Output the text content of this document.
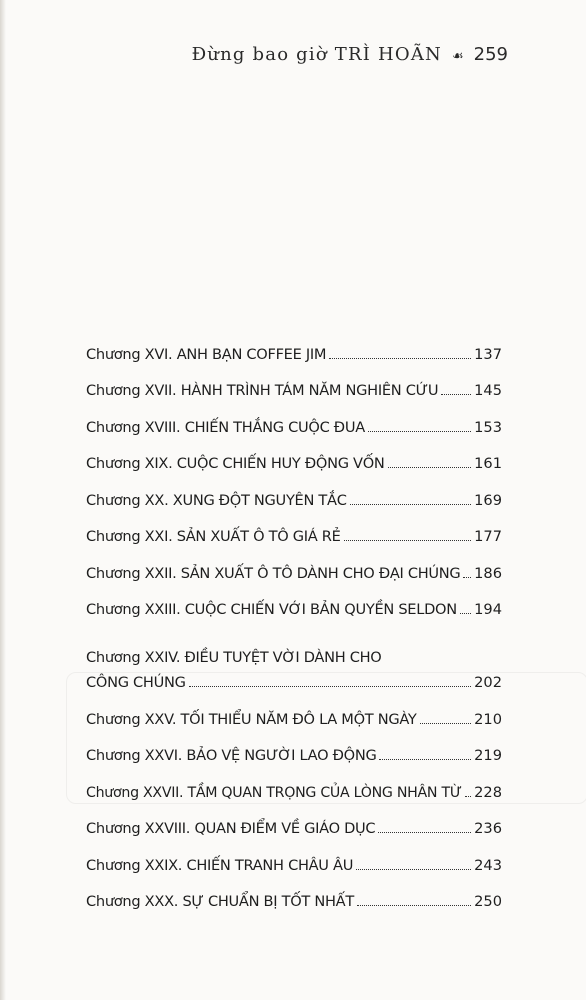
Đừng bao giờ TRÌ HOÃN ☙ 259
Chương XVI. ANH BẠN COFFEE JIM	137
Chương XVII. HÀNH TRÌNH TÁM NĂM NGHIÊN CỨU 145
Chương XVIII. CHIẾN THẮNG CUỘC ĐUA	153
Chương XIX. CUỘC CHIẾN HUY ĐỘNG VỐN	161
Chương XX. XUNG ĐỘT NGUYÊN TẮC	169
Chương XXI. SẢN XUẤT Ô TÔ GIÁ RẺ	177
Chương XXII. SẢN XUẤT Ô TÔ DÀNH CHO ĐẠI CHÚNG 186
Chương XXIII. CUỘC CHIẾN VỚI BẢN QUYỀN SELDON 194
Chương XXIV. ĐIỀU TUYỆT VỜI DÀNH CHO
CÔNG CHÚNG	202
Chương XXV. TỐI THIỂU NĂM ĐÔ LA MỘT NGÀY	210
Chương XXVI. BẢO VỆ NGƯỜI LAO ĐỘNG	219
Chương XXVII. TẦM QUAN TRỌNG CỦA LÒNG NHÂN TỪ 228
Chương XXVIII. QUAN ĐIỂM VỀ GIÁO DỤC	236
Chương XXIX. CHIẾN TRANH CHÂU ÂU	243
Chương XXX. SỰ CHUẨN BỊ TỐT NHẤT	250
